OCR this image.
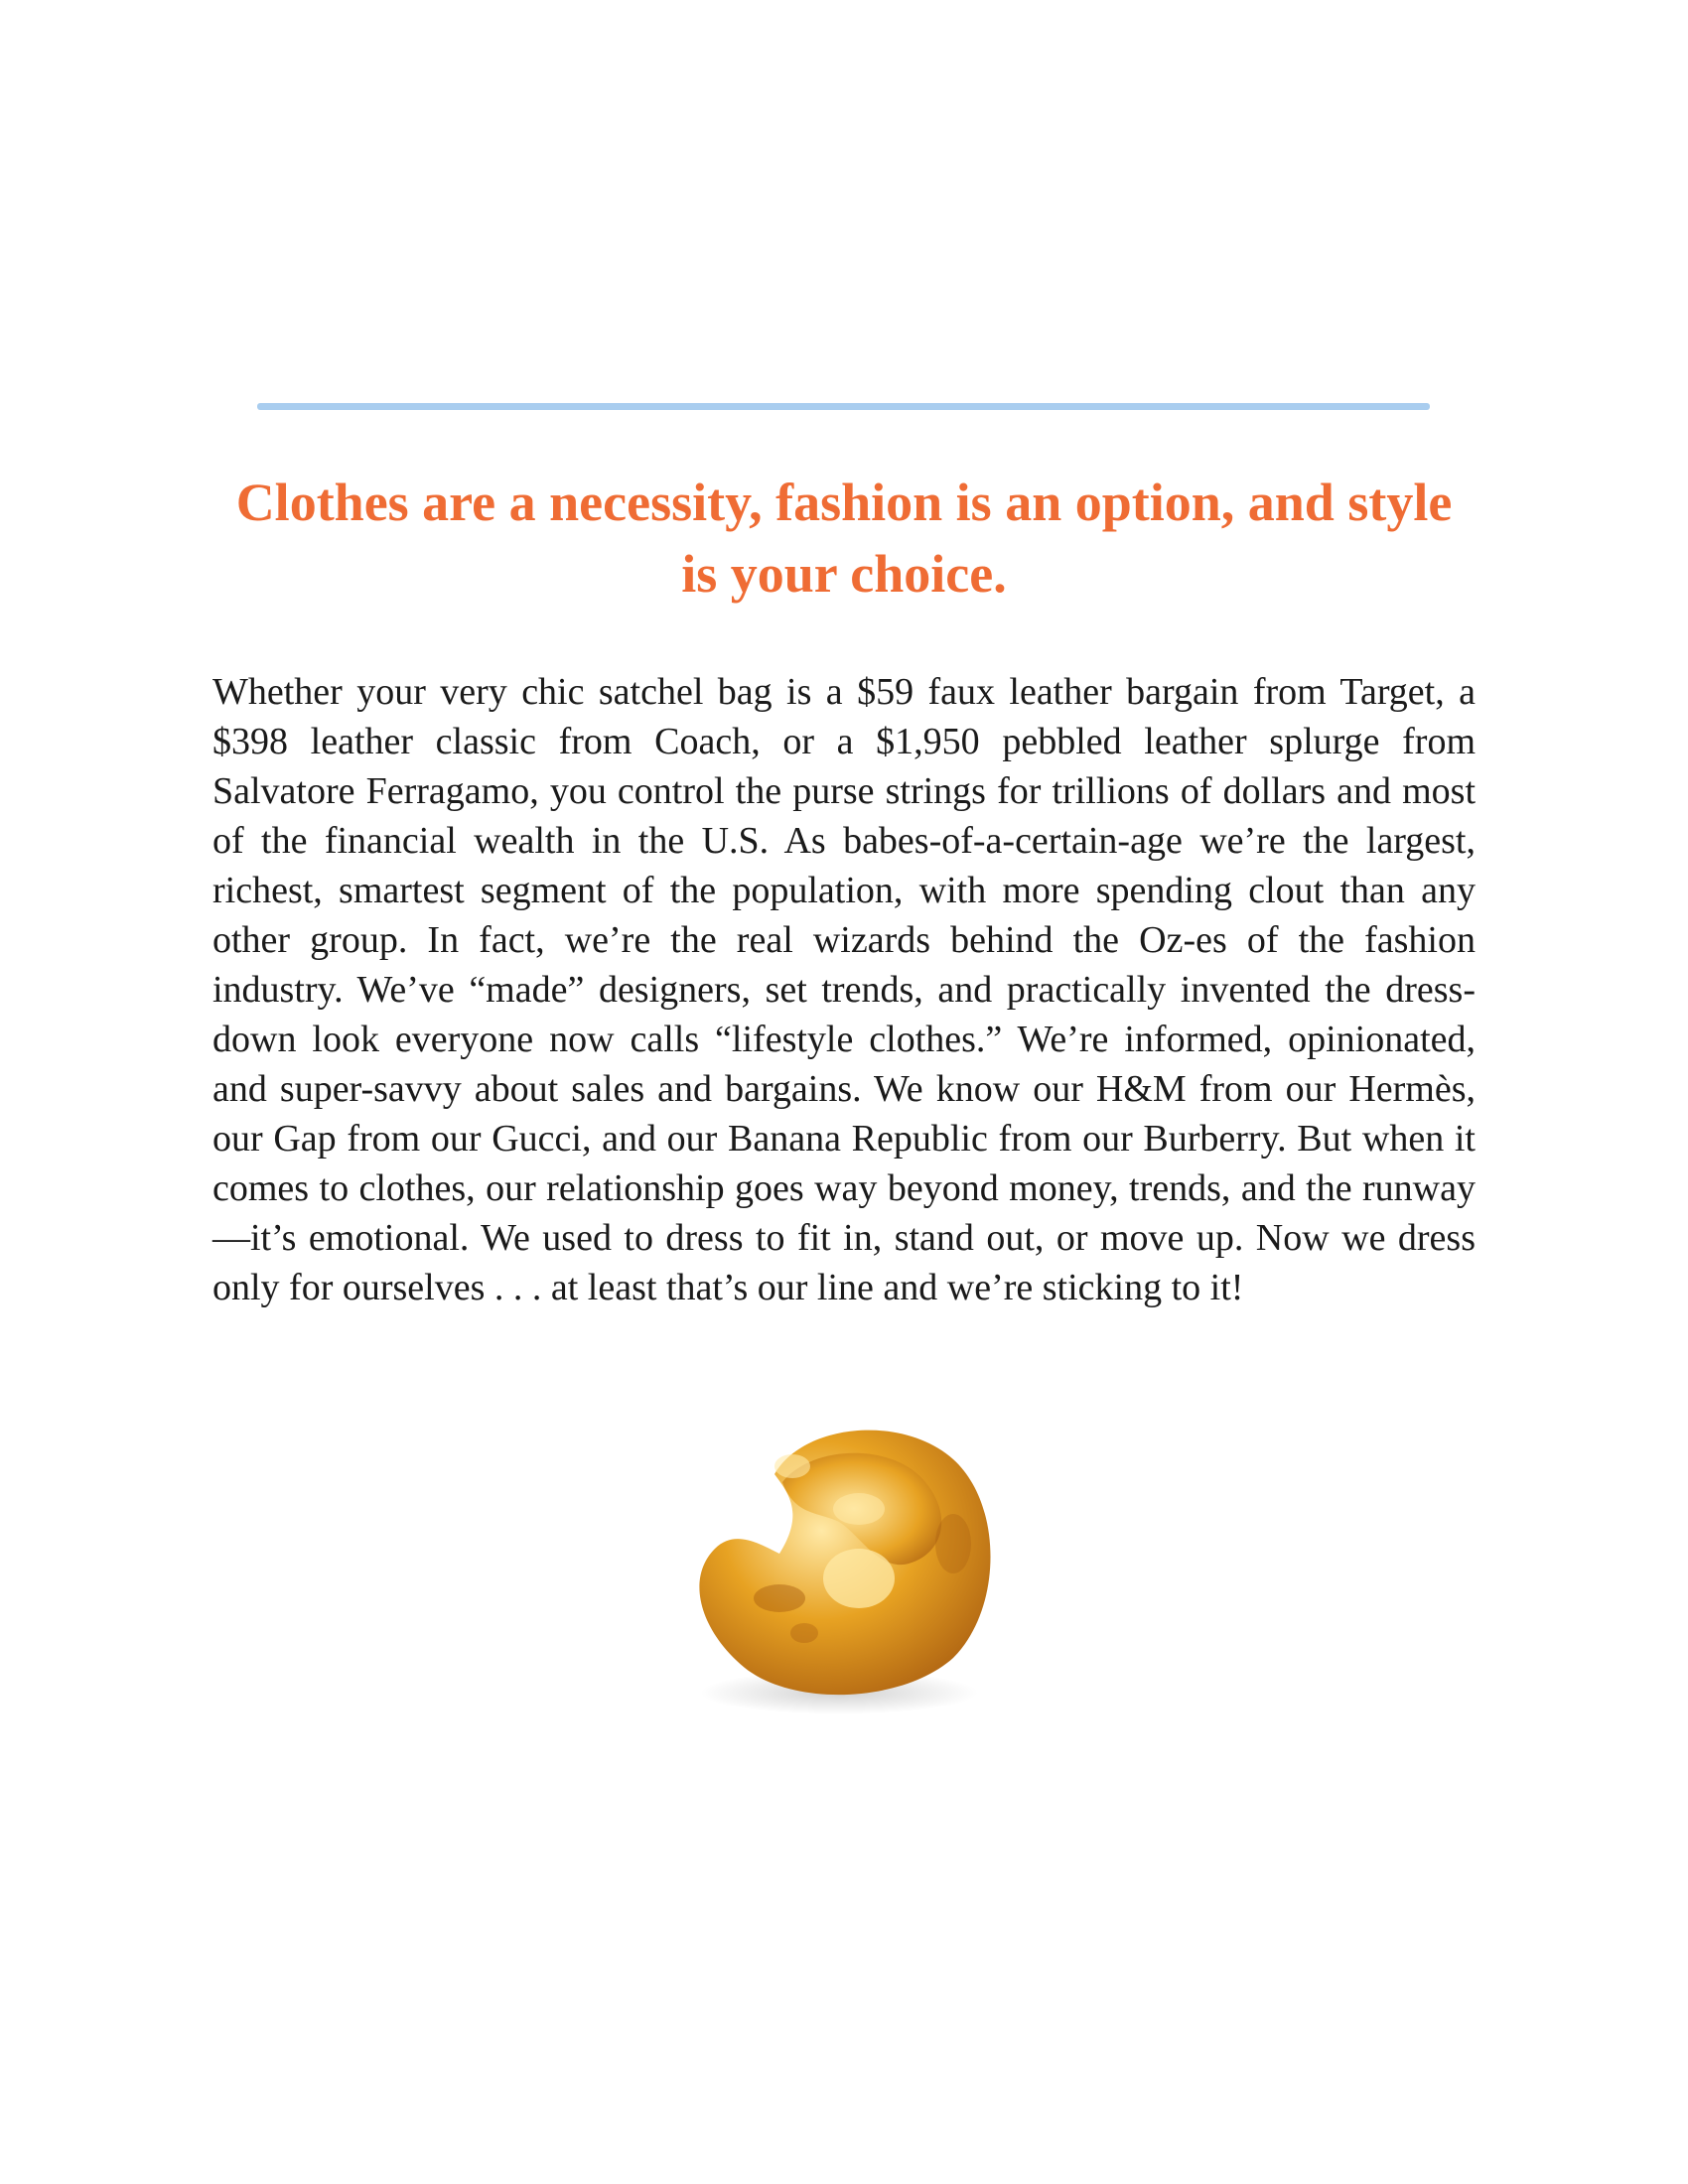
Clothes are a necessity, fashion is an option, and style is your choice.

Whether your very chic satchel bag is a $59 faux leather bargain from Target, a $398 leather classic from Coach, or a $1,950 pebbled leather splurge from Salvatore Ferragamo, you control the purse strings for trillions of dollars and most of the financial wealth in the U.S. As babes-of-a-certain-age we’re the largest, richest, smartest segment of the population, with more spending clout than any other group. In fact, we’re the real wizards behind the Oz-es of the fashion industry. We’ve “made” designers, set trends, and practically invented the dress-down look everyone now calls “lifestyle clothes.” We’re informed, opinionated, and super-savvy about sales and bargains. We know our H&M from our Hermès, our Gap from our Gucci, and our Banana Republic from our Burberry. But when it comes to clothes, our relationship goes way beyond money, trends, and the runway—it’s emotional. We used to dress to fit in, stand out, or move up. Now we dress only for ourselves . . . at least that’s our line and we’re sticking to it!
